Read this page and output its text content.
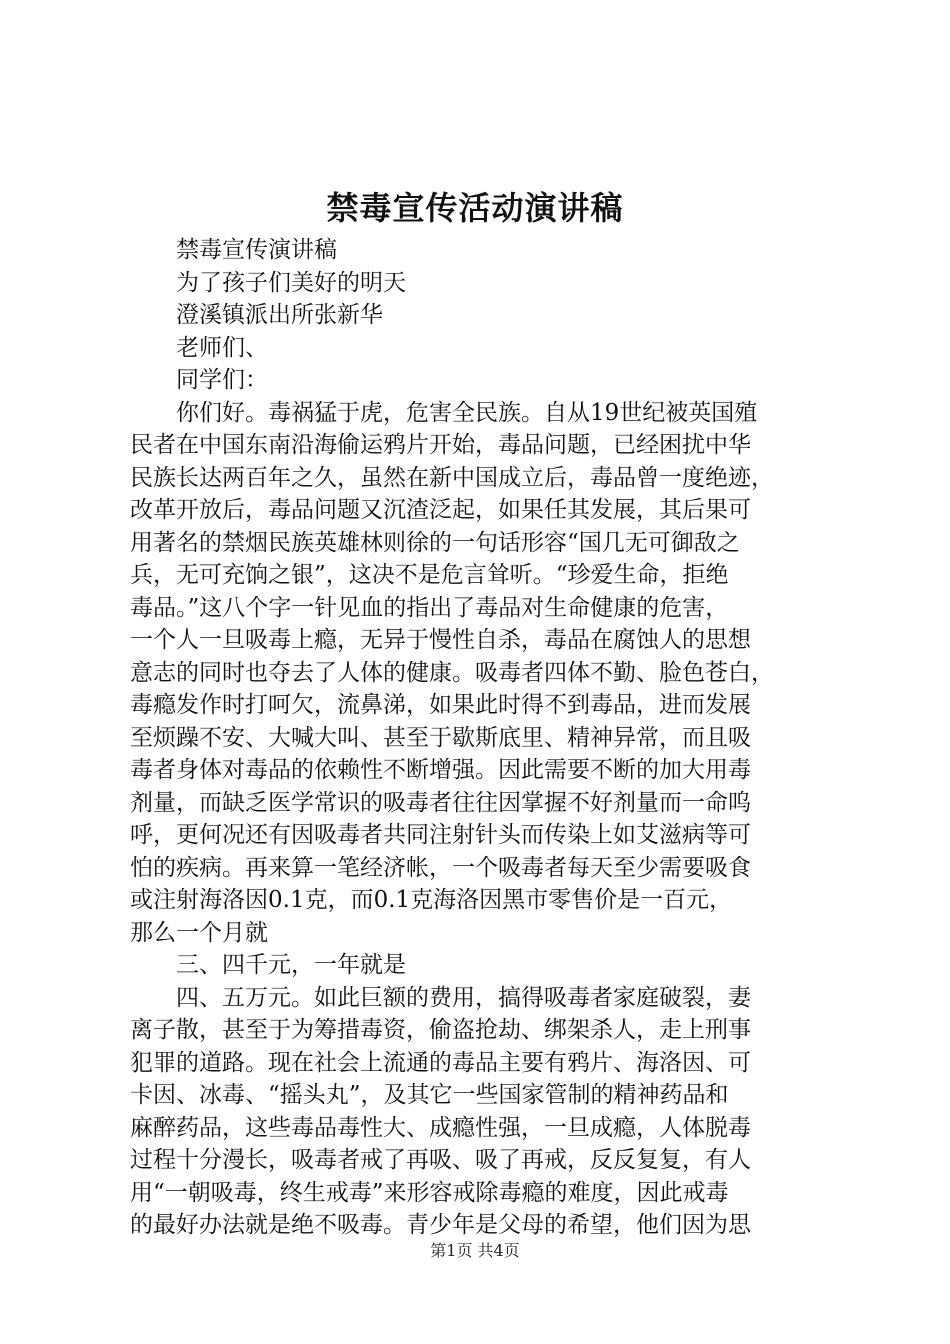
禁毒宣传活动演讲稿
禁毒宣传演讲稿
为了孩子们美好的明天
澄溪镇派出所张新华
老师们、
同学们：
你们好。毒祸猛于虎，危害全民族。自从19世纪被英国殖
民者在中国东南沿海偷运鸦片开始，毒品问题，已经困扰中华
民族长达两百年之久，虽然在新中国成立后，毒品曾一度绝迹，
改革开放后，毒品问题又沉渣泛起，如果任其发展，其后果可
用著名的禁烟民族英雄林则徐的一句话形容“国几无可御敌之
兵，无可充饷之银”，这决不是危言耸听。“珍爱生命，拒绝
毒品。”这八个字一针见血的指出了毒品对生命健康的危害，
一个人一旦吸毒上瘾，无异于慢性自杀，毒品在腐蚀人的思想
意志的同时也夺去了人体的健康。吸毒者四体不勤、脸色苍白，
毒瘾发作时打呵欠，流鼻涕，如果此时得不到毒品，进而发展
至烦躁不安、大喊大叫、甚至于歇斯底里、精神异常，而且吸
毒者身体对毒品的依赖性不断增强。因此需要不断的加大用毒
剂量，而缺乏医学常识的吸毒者往往因掌握不好剂量而一命呜
呼，更何况还有因吸毒者共同注射针头而传染上如艾滋病等可
怕的疾病。再来算一笔经济帐，一个吸毒者每天至少需要吸食
或注射海洛因0.1克，而0.1克海洛因黑市零售价是一百元，
那么一个月就
三、四千元，一年就是
四、五万元。如此巨额的费用，搞得吸毒者家庭破裂，妻
离子散，甚至于为筹措毒资，偷盗抢劫、绑架杀人，走上刑事
犯罪的道路。现在社会上流通的毒品主要有鸦片、海洛因、可
卡因、冰毒、“摇头丸”，及其它一些国家管制的精神药品和
麻醉药品，这些毒品毒性大、成瘾性强，一旦成瘾，人体脱毒
过程十分漫长，吸毒者戒了再吸、吸了再戒，反反复复，有人
用“一朝吸毒，终生戒毒”来形容戒除毒瘾的难度，因此戒毒
的最好办法就是绝不吸毒。青少年是父母的希望，他们因为思
第1页 共4页
